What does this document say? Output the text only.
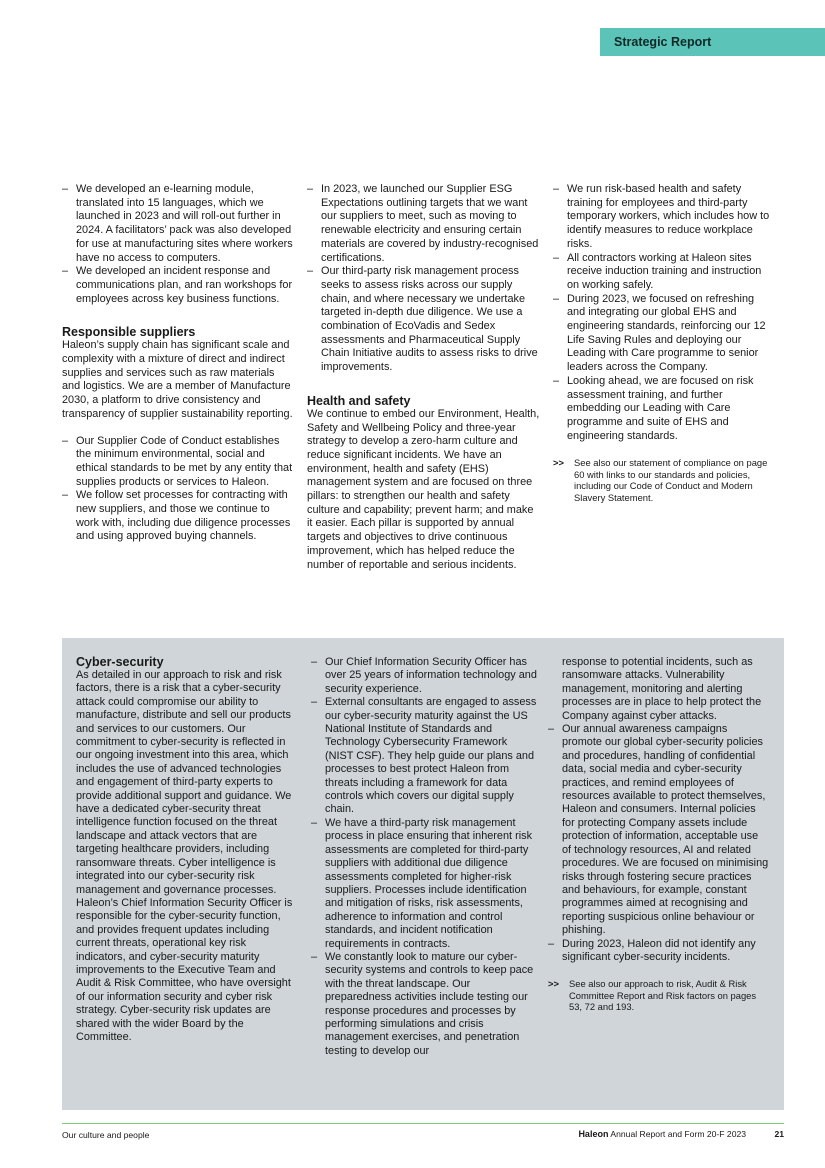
Strategic Report
– We developed an e-learning module, translated into 15 languages, which we launched in 2023 and will roll-out further in 2024. A facilitators’ pack was also developed for use at manufacturing sites where workers have no access to computers.
– We developed an incident response and communications plan, and ran workshops for employees across key business functions.
Responsible suppliers

Haleon’s supply chain has significant scale and complexity with a mixture of direct and indirect supplies and services such as raw materials and logistics. We are a member of Manufacture 2030, a platform to drive consistency and transparency of supplier sustainability reporting.

– Our Supplier Code of Conduct establishes the minimum environmental, social and ethical standards to be met by any entity that supplies products or services to Haleon.
– We follow set processes for contracting with new suppliers, and those we continue to work with, including due diligence processes and using approved buying channels.
– In 2023, we launched our Supplier ESG Expectations outlining targets that we want our suppliers to meet, such as moving to renewable electricity and ensuring certain materials are covered by industry-recognised certifications.
– Our third-party risk management process seeks to assess risks across our supply chain, and where necessary we undertake targeted in-depth due diligence. We use a combination of EcoVadis and Sedex assessments and Pharmaceutical Supply Chain Initiative audits to assess risks to drive improvements.
Health and safety

We continue to embed our Environment, Health, Safety and Wellbeing Policy and three-year strategy to develop a zero-harm culture and reduce significant incidents. We have an environment, health and safety (EHS) management system and are focused on three pillars: to strengthen our health and safety culture and capability; prevent harm; and make it easier. Each pillar is supported by annual targets and objectives to drive continuous improvement, which has helped reduce the number of reportable and serious incidents.

– We run risk-based health and safety training for employees and third-party temporary workers, which includes how to identify measures to reduce workplace risks.
– All contractors working at Haleon sites receive induction training and instruction on working safely.
– During 2023, we focused on refreshing and integrating our global EHS and engineering standards, reinforcing our 12 Life Saving Rules and deploying our Leading with Care programme to senior leaders across the Company.
– Looking ahead, we are focused on risk assessment training, and further embedding our Leading with Care programme and suite of EHS and engineering standards.
>> See also our statement of compliance on page 60 with links to our standards and policies, including our Code of Conduct and Modern Slavery Statement.
Cyber-security

As detailed in our approach to risk and risk factors, there is a risk that a cyber-security attack could compromise our ability to manufacture, distribute and sell our products and services to our customers. Our commitment to cyber-security is reflected in our ongoing investment into this area, which includes the use of advanced technologies and engagement of third-party experts to provide additional support and guidance. We have a dedicated cyber-security threat intelligence function focused on the threat landscape and attack vectors that are targeting healthcare providers, including ransomware threats. Cyber intelligence is integrated into our cyber-security risk management and governance processes. Haleon’s Chief Information Security Officer is responsible for the cyber-security function, and provides frequent updates including current threats, operational key risk indicators, and cyber-security maturity improvements to the Executive Team and Audit & Risk Committee, who have oversight of our information security and cyber risk strategy. Cyber-security risk updates are shared with the wider Board by the Committee.

– Our Chief Information Security Officer has over 25 years of information technology and security experience.
– External consultants are engaged to assess our cyber-security maturity against the US National Institute of Standards and Technology Cybersecurity Framework (NIST CSF). They help guide our plans and processes to best protect Haleon from threats including a framework for data controls which covers our digital supply chain.
– We have a third-party risk management process in place ensuring that inherent risk assessments are completed for third-party suppliers with additional due diligence assessments completed for higher-risk suppliers. Processes include identification and mitigation of risks, risk assessments, adherence to information and control standards, and incident notification requirements in contracts.
– We constantly look to mature our cyber-security systems and controls to keep pace with the threat landscape. Our preparedness activities include testing our response procedures and processes by performing simulations and crisis management exercises, and penetration testing to develop our

response to potential incidents, such as ransomware attacks. Vulnerability management, monitoring and alerting processes are in place to help protect the Company against cyber attacks.

– Our annual awareness campaigns promote our global cyber-security policies and procedures, handling of confidential data, social media and cyber-security practices, and remind employees of resources available to protect themselves, Haleon and consumers. Internal policies for protecting Company assets include protection of information, acceptable use of technology resources, AI and related procedures. We are focused on minimising risks through fostering secure practices and behaviours, for example, constant programmes aimed at recognising and reporting suspicious online behaviour or phishing.
– During 2023, Haleon did not identify any significant cyber-security incidents.
>> See also our approach to risk, Audit & Risk Committee Report and Risk factors on pages 53, 72 and 193.
Our culture and people	Haleon Annual Report and Form 20-F 2023	21
